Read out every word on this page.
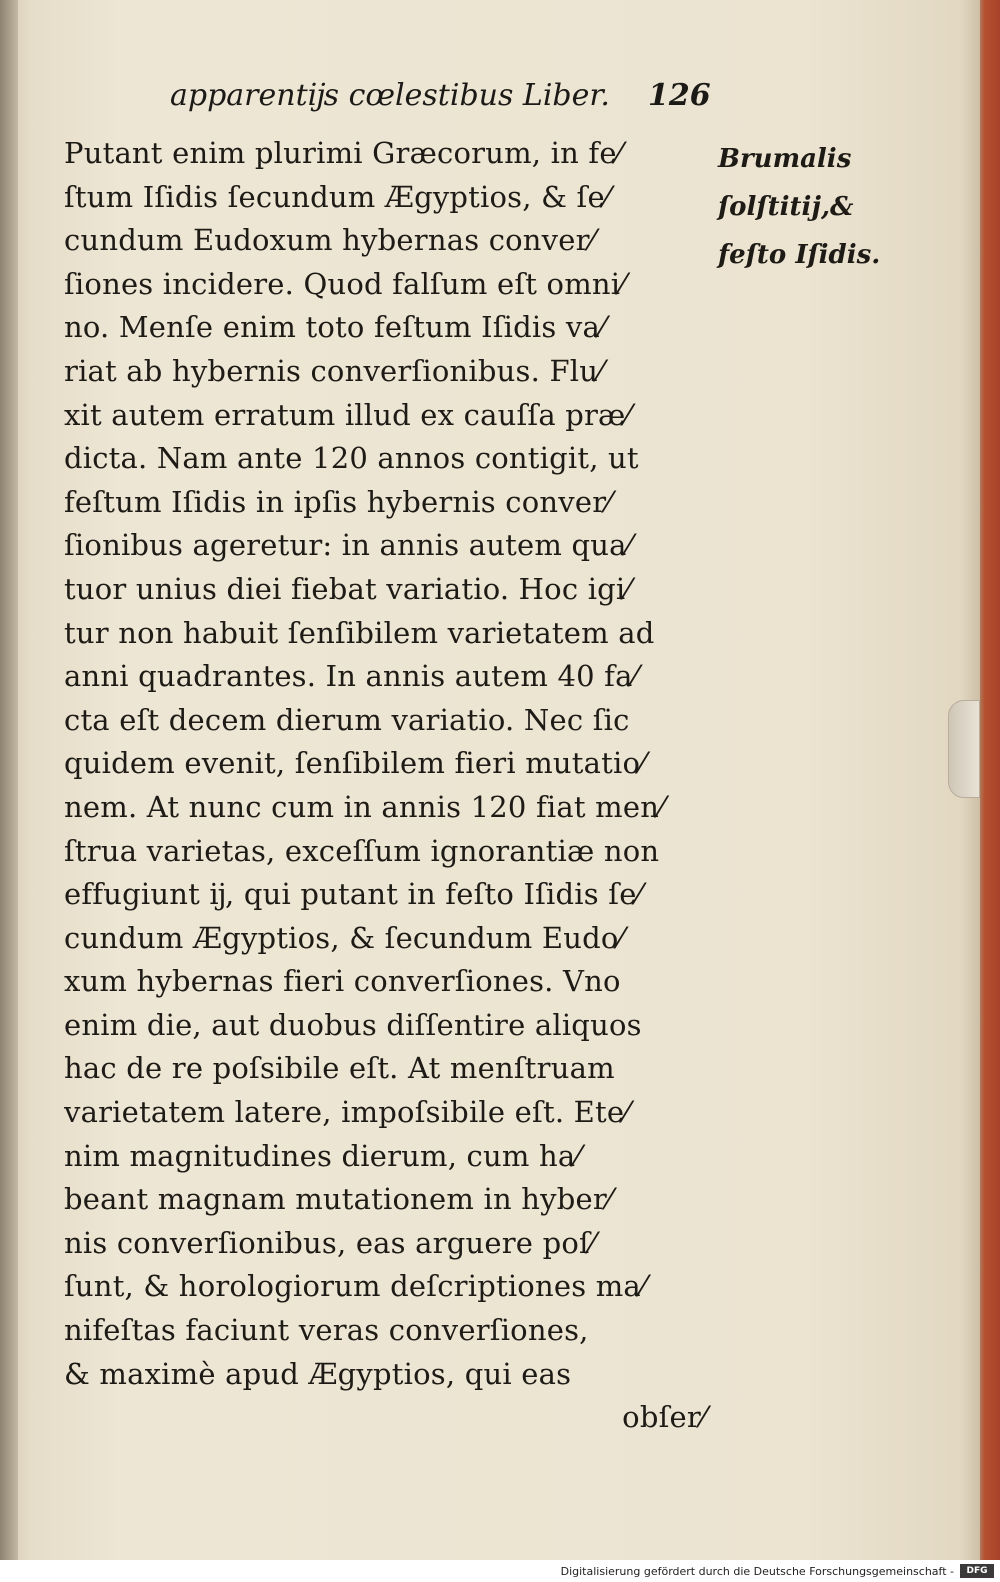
apparentĳs cœlestibus Liber. 126
Putant enim plurimi Græcorum, in fe⁄
ſtum Iſidis ſecundum Ægyptios, & ſe⁄
cundum Eudoxum hybernas conver⁄
ſiones incidere. Quod falſum eſt omni⁄
no. Menſe enim toto feſtum Iſidis va⁄
riat ab hybernis converſionibus. Flu⁄
xit autem erratum illud ex cauſſa præ⁄
dicta. Nam ante 120 annos contigit, ut
feſtum Iſidis in ipſis hybernis conver⁄
ſionibus ageretur: in annis autem qua⁄
tuor unius diei fiebat variatio. Hoc igi⁄
tur non habuit ſenſibilem varietatem ad
anni quadrantes. In annis autem 40 fa⁄
cta eſt decem dierum variatio. Nec ſic
quidem evenit, ſenſibilem fieri mutatio⁄
nem. At nunc cum in annis 120 fiat men⁄
ſtrua varietas, exceſſum ignorantiæ non
effugiunt ĳ, qui putant in feſto Iſidis ſe⁄
cundum Ægyptios, & ſecundum Eudo⁄
xum hybernas fieri converſiones. Vno
enim die, aut duobus diſſentire aliquos
hac de re poſsibile eſt. At menſtruam
varietatem latere, impoſsibile eſt. Ete⁄
nim magnitudines dierum, cum ha⁄
beant magnam mutationem in hyber⁄
nis converſionibus, eas arguere poſ⁄
ſunt, & horologiorum deſcriptiones ma⁄
nifeſtas faciunt veras converſiones,
& maximè apud Ægyptios, qui eas
obſer⁄
Brumalis
ſolſtitĳ,&
feſto Iſidis.
Digitalisierung gefördert durch die Deutsche Forschungsgemeinschaft -	DFG
